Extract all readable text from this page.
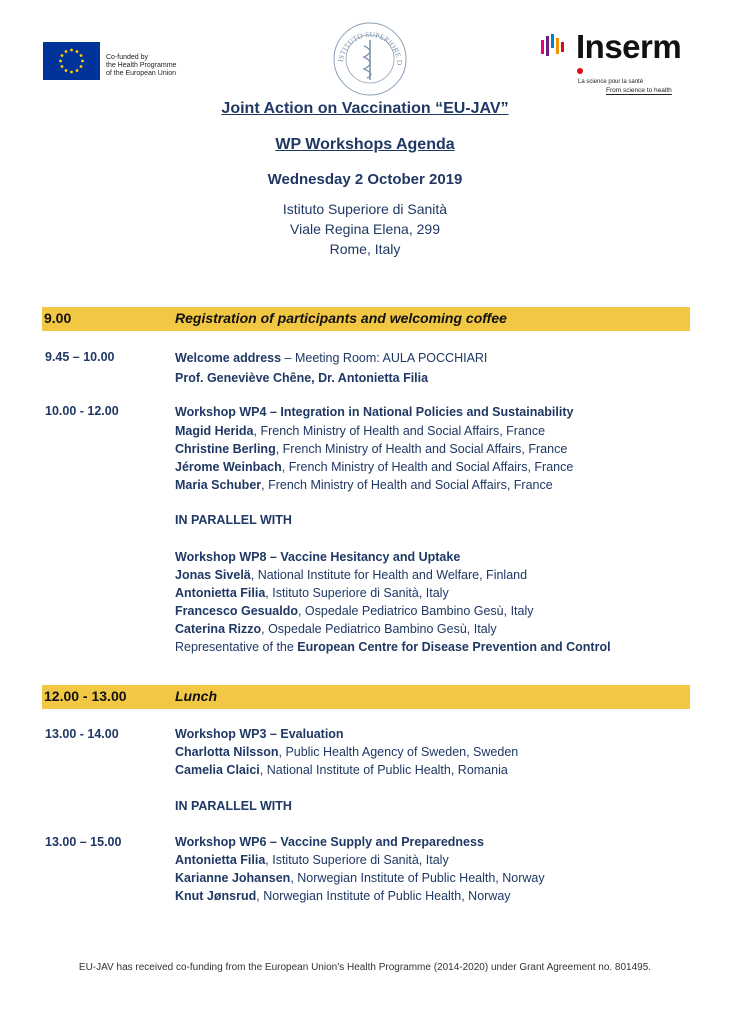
Co-funded by
the Health Programme
of the European Union
ISTITUTO SUPERIORE D	Inserm
La science pour la santé
From science to health
Joint Action on Vaccination “EU-JAV”
WP Workshops Agenda
Wednesday 2 October 2019
Istituto Superiore di Sanità
Viale Regina Elena, 299
Rome, Italy
9.00	Registration of participants and welcoming coffee
9.45 – 10.00	Welcome address – Meeting Room: AULA POCCHIARI
Prof. Geneviève Chêne, Dr. Antonietta Filia
10.00 - 12.00	Workshop WP4 – Integration in National Policies and Sustainability
Magid Herida, French Ministry of Health and Social Affairs, France
Christine Berling, French Ministry of Health and Social Affairs, France
Jérome Weinbach, French Ministry of Health and Social Affairs, France
Maria Schuber, French Ministry of Health and Social Affairs, France
IN PARALLEL WITH
Workshop WP8 – Vaccine Hesitancy and Uptake
Jonas Sivelä, National Institute for Health and Welfare, Finland
Antonietta Filia, Istituto Superiore di Sanità, Italy
Francesco Gesualdo, Ospedale Pediatrico Bambino Gesù, Italy
Caterina Rizzo, Ospedale Pediatrico Bambino Gesù, Italy
Representative of the European Centre for Disease Prevention and Control
12.00 - 13.00	Lunch
13.00 - 14.00	Workshop WP3 – Evaluation
Charlotta Nilsson, Public Health Agency of Sweden, Sweden
Camelia Claici, National Institute of Public Health, Romania
IN PARALLEL WITH
13.00 – 15.00	Workshop WP6 – Vaccine Supply and Preparedness
Antonietta Filia, Istituto Superiore di Sanità, Italy
Karianne Johansen, Norwegian Institute of Public Health, Norway
Knut Jønsrud, Norwegian Institute of Public Health, Norway
EU-JAV has received co-funding from the European Union’s Health Programme (2014-2020) under Grant Agreement no. 801495.
